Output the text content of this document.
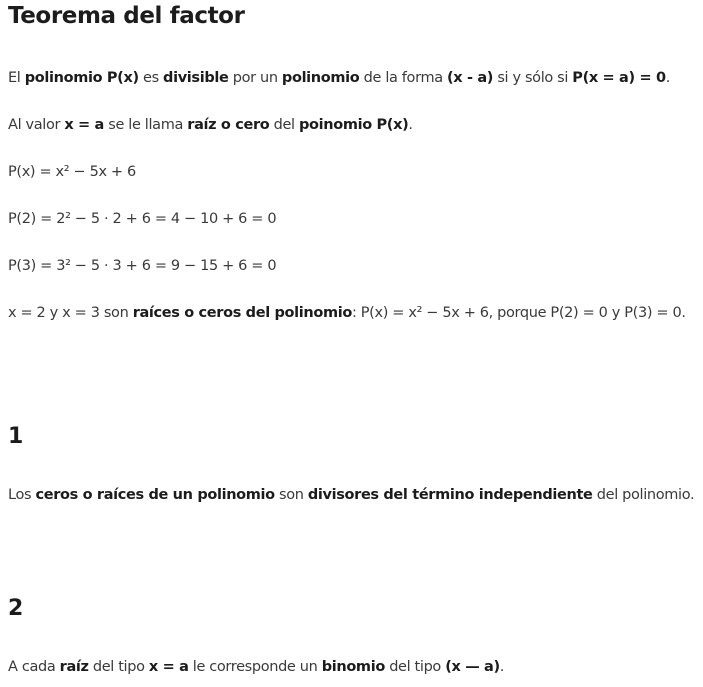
Teorema del factor

El polinomio P(x) es divisible por un polinomio de la forma (x - a) si y sólo si P(x = a) = 0.

Al valor x = a se le llama raíz o cero del poinomio P(x).

P(x) = x² − 5x + 6

P(2) = 2² − 5 · 2 + 6 = 4 − 10 + 6 = 0

P(3) = 3² − 5 · 3 + 6 = 9 − 15 + 6 = 0

x = 2 y x = 3 son raíces o ceros del polinomio: P(x) = x² − 5x + 6, porque P(2) = 0 y P(3) = 0.

1

Los ceros o raíces de un polinomio son divisores del término independiente del polinomio.

2

A cada raíz del tipo x = a le corresponde un binomio del tipo (x — a).
